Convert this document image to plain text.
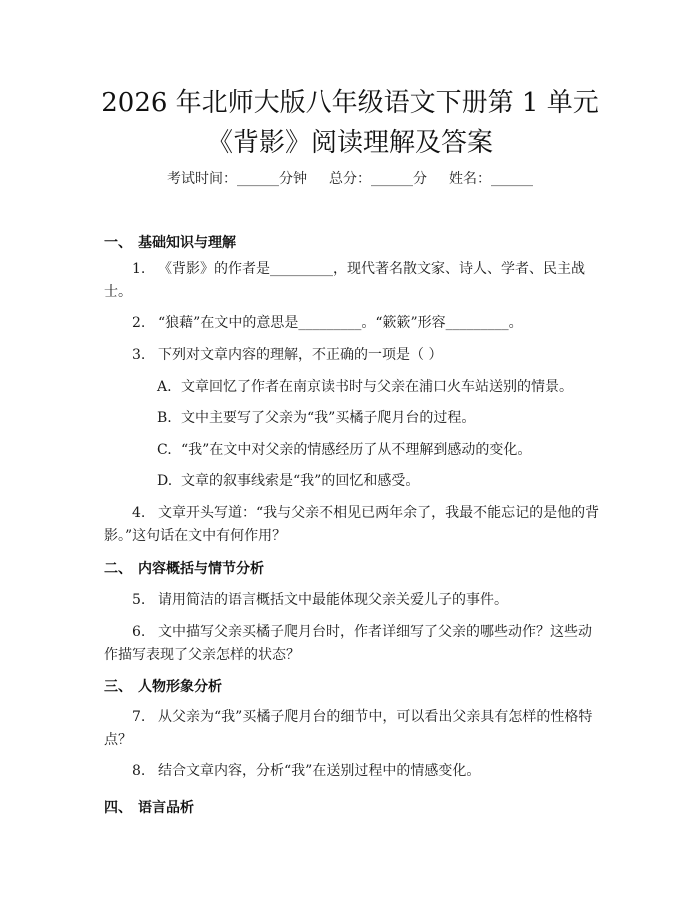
2026 年北师大版八年级语文下册第 1 单元
《背影》阅读理解及答案
考试时间：______分钟 总分：______分 姓名：______
一、 基础知识与理解
1. 《背影》的作者是_________，现代著名散文家、诗人、学者、民主战士。
2. “狼藉”在文中的意思是_________。“簌簌”形容_________。
3. 下列对文章内容的理解，不正确的一项是（ ）
A. 文章回忆了作者在南京读书时与父亲在浦口火车站送别的情景。
B. 文中主要写了父亲为“我”买橘子爬月台的过程。
C. “我”在文中对父亲的情感经历了从不理解到感动的变化。
D. 文章的叙事线索是“我”的回忆和感受。
4. 文章开头写道：“我与父亲不相见已两年余了，我最不能忘记的是他的背影。”这句话在文中有何作用？
二、 内容概括与情节分析
5. 请用简洁的语言概括文中最能体现父亲关爱儿子的事件。
6. 文中描写父亲买橘子爬月台时，作者详细写了父亲的哪些动作？这些动作描写表现了父亲怎样的状态？
三、 人物形象分析
7. 从父亲为“我”买橘子爬月台的细节中，可以看出父亲具有怎样的性格特点？
8. 结合文章内容，分析“我”在送别过程中的情感变化。
四、 语言品析
